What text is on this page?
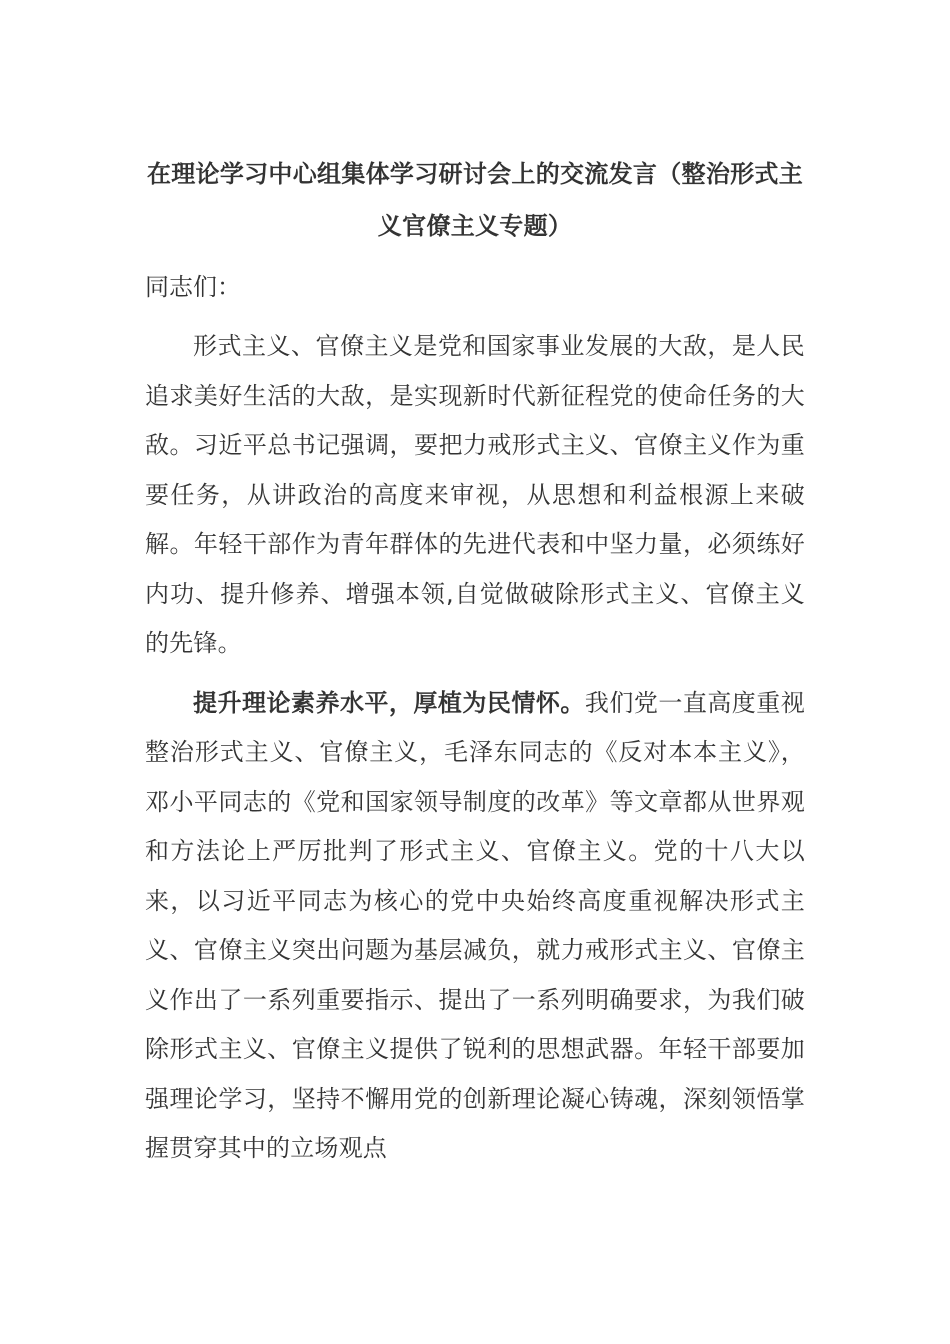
在理论学习中心组集体学习研讨会上的交流发言（整治形式主义官僚主义专题）

同志们：

形式主义、官僚主义是党和国家事业发展的大敌，是人民追求美好生活的大敌，是实现新时代新征程党的使命任务的大敌。习近平总书记强调，要把力戒形式主义、官僚主义作为重要任务，从讲政治的高度来审视，从思想和利益根源上来破解。年轻干部作为青年群体的先进代表和中坚力量，必须练好内功、提升修养、增强本领,自觉做破除形式主义、官僚主义的先锋。

提升理论素养水平，厚植为民情怀。我们党一直高度重视整治形式主义、官僚主义，毛泽东同志的《反对本本主义》，邓小平同志的《党和国家领导制度的改革》等文章都从世界观和方法论上严厉批判了形式主义、官僚主义。党的十八大以来，以习近平同志为核心的党中央始终高度重视解决形式主义、官僚主义突出问题为基层减负，就力戒形式主义、官僚主义作出了一系列重要指示、提出了一系列明确要求，为我们破除形式主义、官僚主义提供了锐利的思想武器。年轻干部要加强理论学习，坚持不懈用党的创新理论凝心铸魂，深刻领悟掌握贯穿其中的立场观点
